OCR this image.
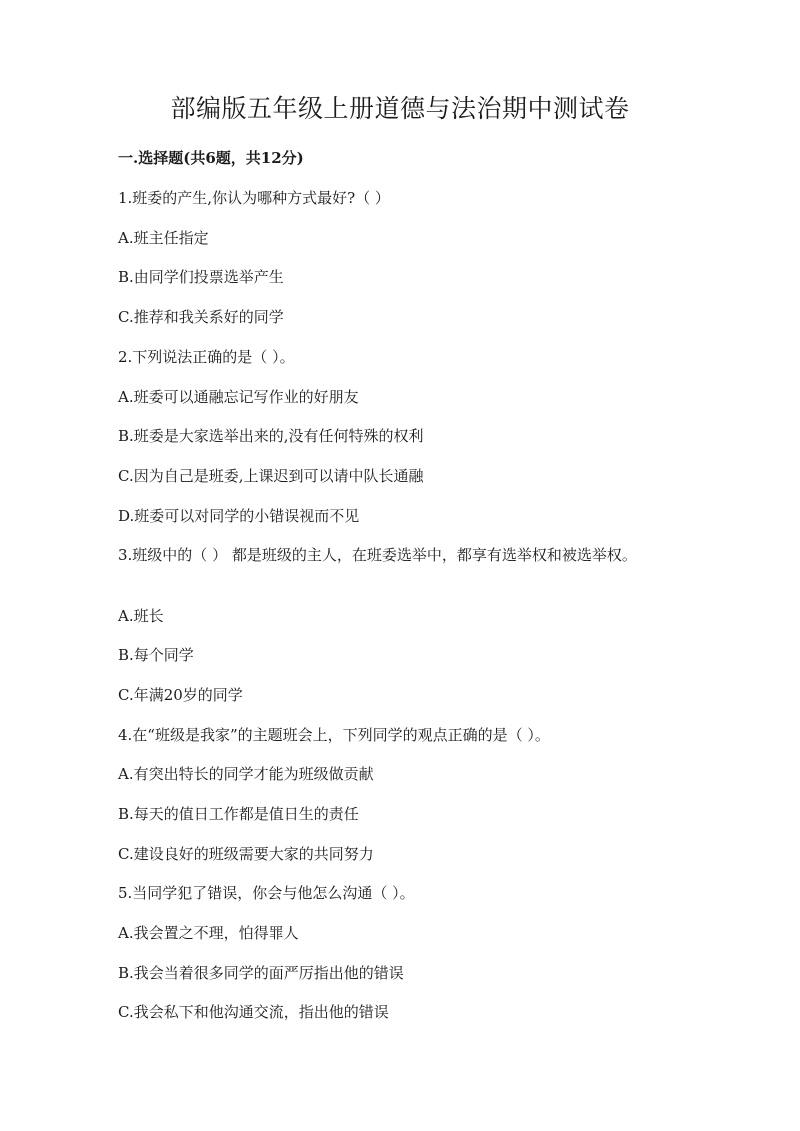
部编版五年级上册道德与法治期中测试卷
一.选择题(共6题，共12分)
1.班委的产生,你认为哪种方式最好?（ ）
A.班主任指定
B.由同学们投票选举产生
C.推荐和我关系好的同学
2.下列说法正确的是（ ）。
A.班委可以通融忘记写作业的好朋友
B.班委是大家选举出来的,没有任何特殊的权利
C.因为自己是班委,上课迟到可以请中队长通融
D.班委可以对同学的小错误视而不见
3.班级中的（ ） 都是班级的主人，在班委选举中，都享有选举权和被选举权。
A.班长
B.每个同学
C.年满20岁的同学
4.在“班级是我家”的主题班会上，下列同学的观点正确的是（ ）。
A.有突出特长的同学才能为班级做贡献
B.每天的值日工作都是值日生的责任
C.建设良好的班级需要大家的共同努力
5.当同学犯了错误，你会与他怎么沟通（ ）。
A.我会置之不理，怕得罪人
B.我会当着很多同学的面严厉指出他的错误
C.我会私下和他沟通交流，指出他的错误
